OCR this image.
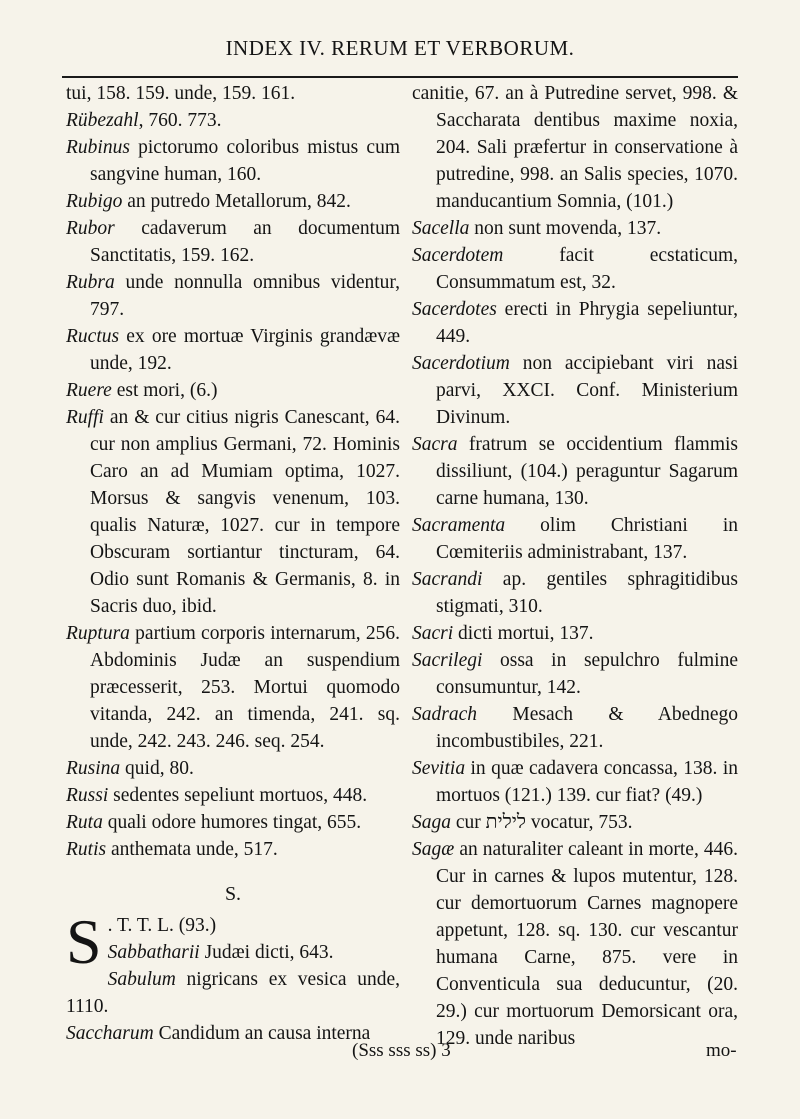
INDEX IV. RERUM ET VERBORUM.

tui, 158. 159. unde, 159. 161.

Rübezahl, 760. 773.

Rubinus pictorumo coloribus mistus cum sangvine human, 160.

Rubigo an putredo Metallorum, 842.

Rubor cadaverum an documentum Sanctitatis, 159. 162.

Rubra unde nonnulla omnibus videntur, 797.

Ructus ex ore mortuæ Virginis grandævæ unde, 192.

Ruere est mori, (6.)

Ruffi an & cur citius nigris Canescant, 64. cur non amplius Germani, 72. Hominis Caro an ad Mumiam optima, 1027. Morsus & sangvis venenum, 103. qualis Naturæ, 1027. cur in tempore Obscuram sortiantur tincturam, 64. Odio sunt Romanis & Germanis, 8. in Sacris duo, ibid.

Ruptura partium corporis internarum, 256. Abdominis Judæ an suspendium præcesserit, 253. Mortui quomodo vitanda, 242. an timenda, 241. sq. unde, 242. 243. 246. seq. 254.

Rusina quid, 80.

Russi sedentes sepeliunt mortuos, 448.

Ruta quali odore humores tingat, 655.

Rutis anthemata unde, 517.

S.
S . T. T. L. (93.)

Sabbatharii Judæi dicti, 643.

Sabulum nigricans ex vesica unde, 1110.

Saccharum Candidum an causa interna

canitie, 67. an à Putredine servet, 998. & Saccharata dentibus maxime noxia, 204. Sali præfertur in conservatione à putredine, 998. an Salis species, 1070. manducantium Somnia, (101.)

Sacella non sunt movenda, 137.

Sacerdotem facit ecstaticum, Consummatum est, 32.

Sacerdotes erecti in Phrygia sepeliuntur, 449.

Sacerdotium non accipiebant viri nasi parvi, XXCI. Conf. Ministerium Divinum.

Sacra fratrum se occidentium flammis dissiliunt, (104.) peraguntur Sagarum carne humana, 130.

Sacramenta olim Christiani in Cœmiteriis administrabant, 137.

Sacrandi ap. gentiles sphragitidibus stigmati, 310.

Sacri dicti mortui, 137.

Sacrilegi ossa in sepulchro fulmine consumuntur, 142.

Sadrach Mesach & Abednego incombustibiles, 221.

Sevitia in quæ cadavera concassa, 138. in mortuos (121.) 139. cur fiat? (49.)

Saga cur לילית vocatur, 753.

Sagæ an naturaliter caleant in morte, 446. Cur in carnes & lupos mutentur, 128. cur demortuorum Carnes magnopere appetunt, 128. sq. 130. cur vescantur humana Carne, 875. vere in Conventicula sua deducuntur, (20. 29.) cur mortuorum Demorsicant ora, 129. unde naribus

(Sss sss ss) 3	mo-
